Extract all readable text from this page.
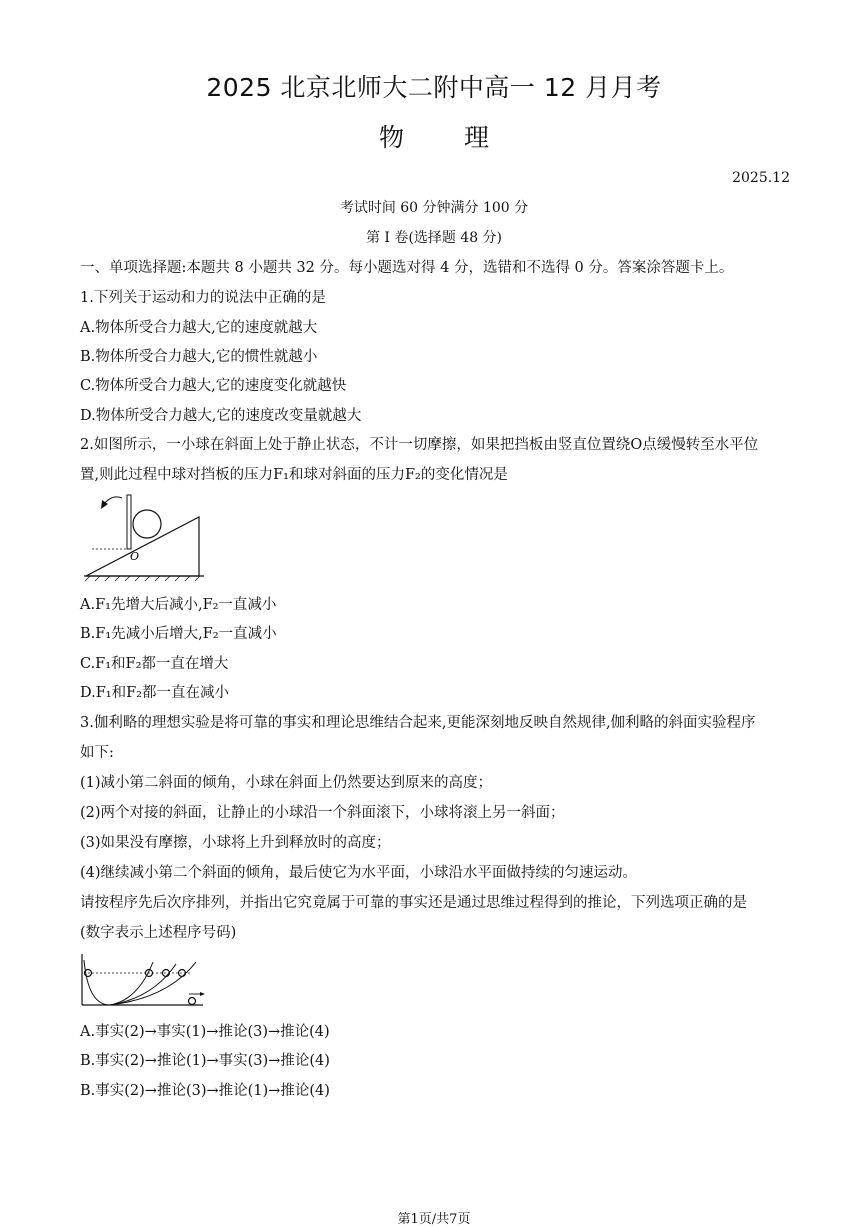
2025 北京北师大二附中高一 12 月月考
物 理
2025.12
考试时间 60 分钟满分 100 分
第 I 卷(选择题 48 分)
一、单项选择题:本题共 8 小题共 32 分。每小题选对得 4 分，选错和不选得 0 分。答案涂答题卡上。
1.下列关于运动和力的说法中正确的是
A.物体所受合力越大,它的速度就越大
B.物体所受合力越大,它的惯性就越小
C.物体所受合力越大,它的速度变化就越快
D.物体所受合力越大,它的速度改变量就越大
2.如图所示，一小球在斜面上处于静止状态，不计一切摩擦，如果把挡板由竖直位置绕O点缓慢转至水平位
置,则此过程中球对挡板的压力F₁和球对斜面的压力F₂的变化情况是
O
A.F₁先增大后减小,F₂一直减小
B.F₁先减小后增大,F₂一直减小
C.F₁和F₂都一直在增大
D.F₁和F₂都一直在减小
3.伽利略的理想实验是将可靠的事实和理论思维结合起来,更能深刻地反映自然规律,伽利略的斜面实验程序
如下:
(1)减小第二斜面的倾角，小球在斜面上仍然要达到原来的高度；
(2)两个对接的斜面，让静止的小球沿一个斜面滚下，小球将滚上另一斜面；
(3)如果没有摩擦，小球将上升到释放时的高度；
(4)继续减小第二个斜面的倾角，最后使它为水平面，小球沿水平面做持续的匀速运动。
请按程序先后次序排列，并指出它究竟属于可靠的事实还是通过思维过程得到的推论，下列选项正确的是
(数字表示上述程序号码)
A.事实(2)→事实(1)→推论(3)→推论(4)
B.事实(2)→推论(1)→事实(3)→推论(4)
B.事实(2)→推论(3)→推论(1)→推论(4)
第1页/共7页
